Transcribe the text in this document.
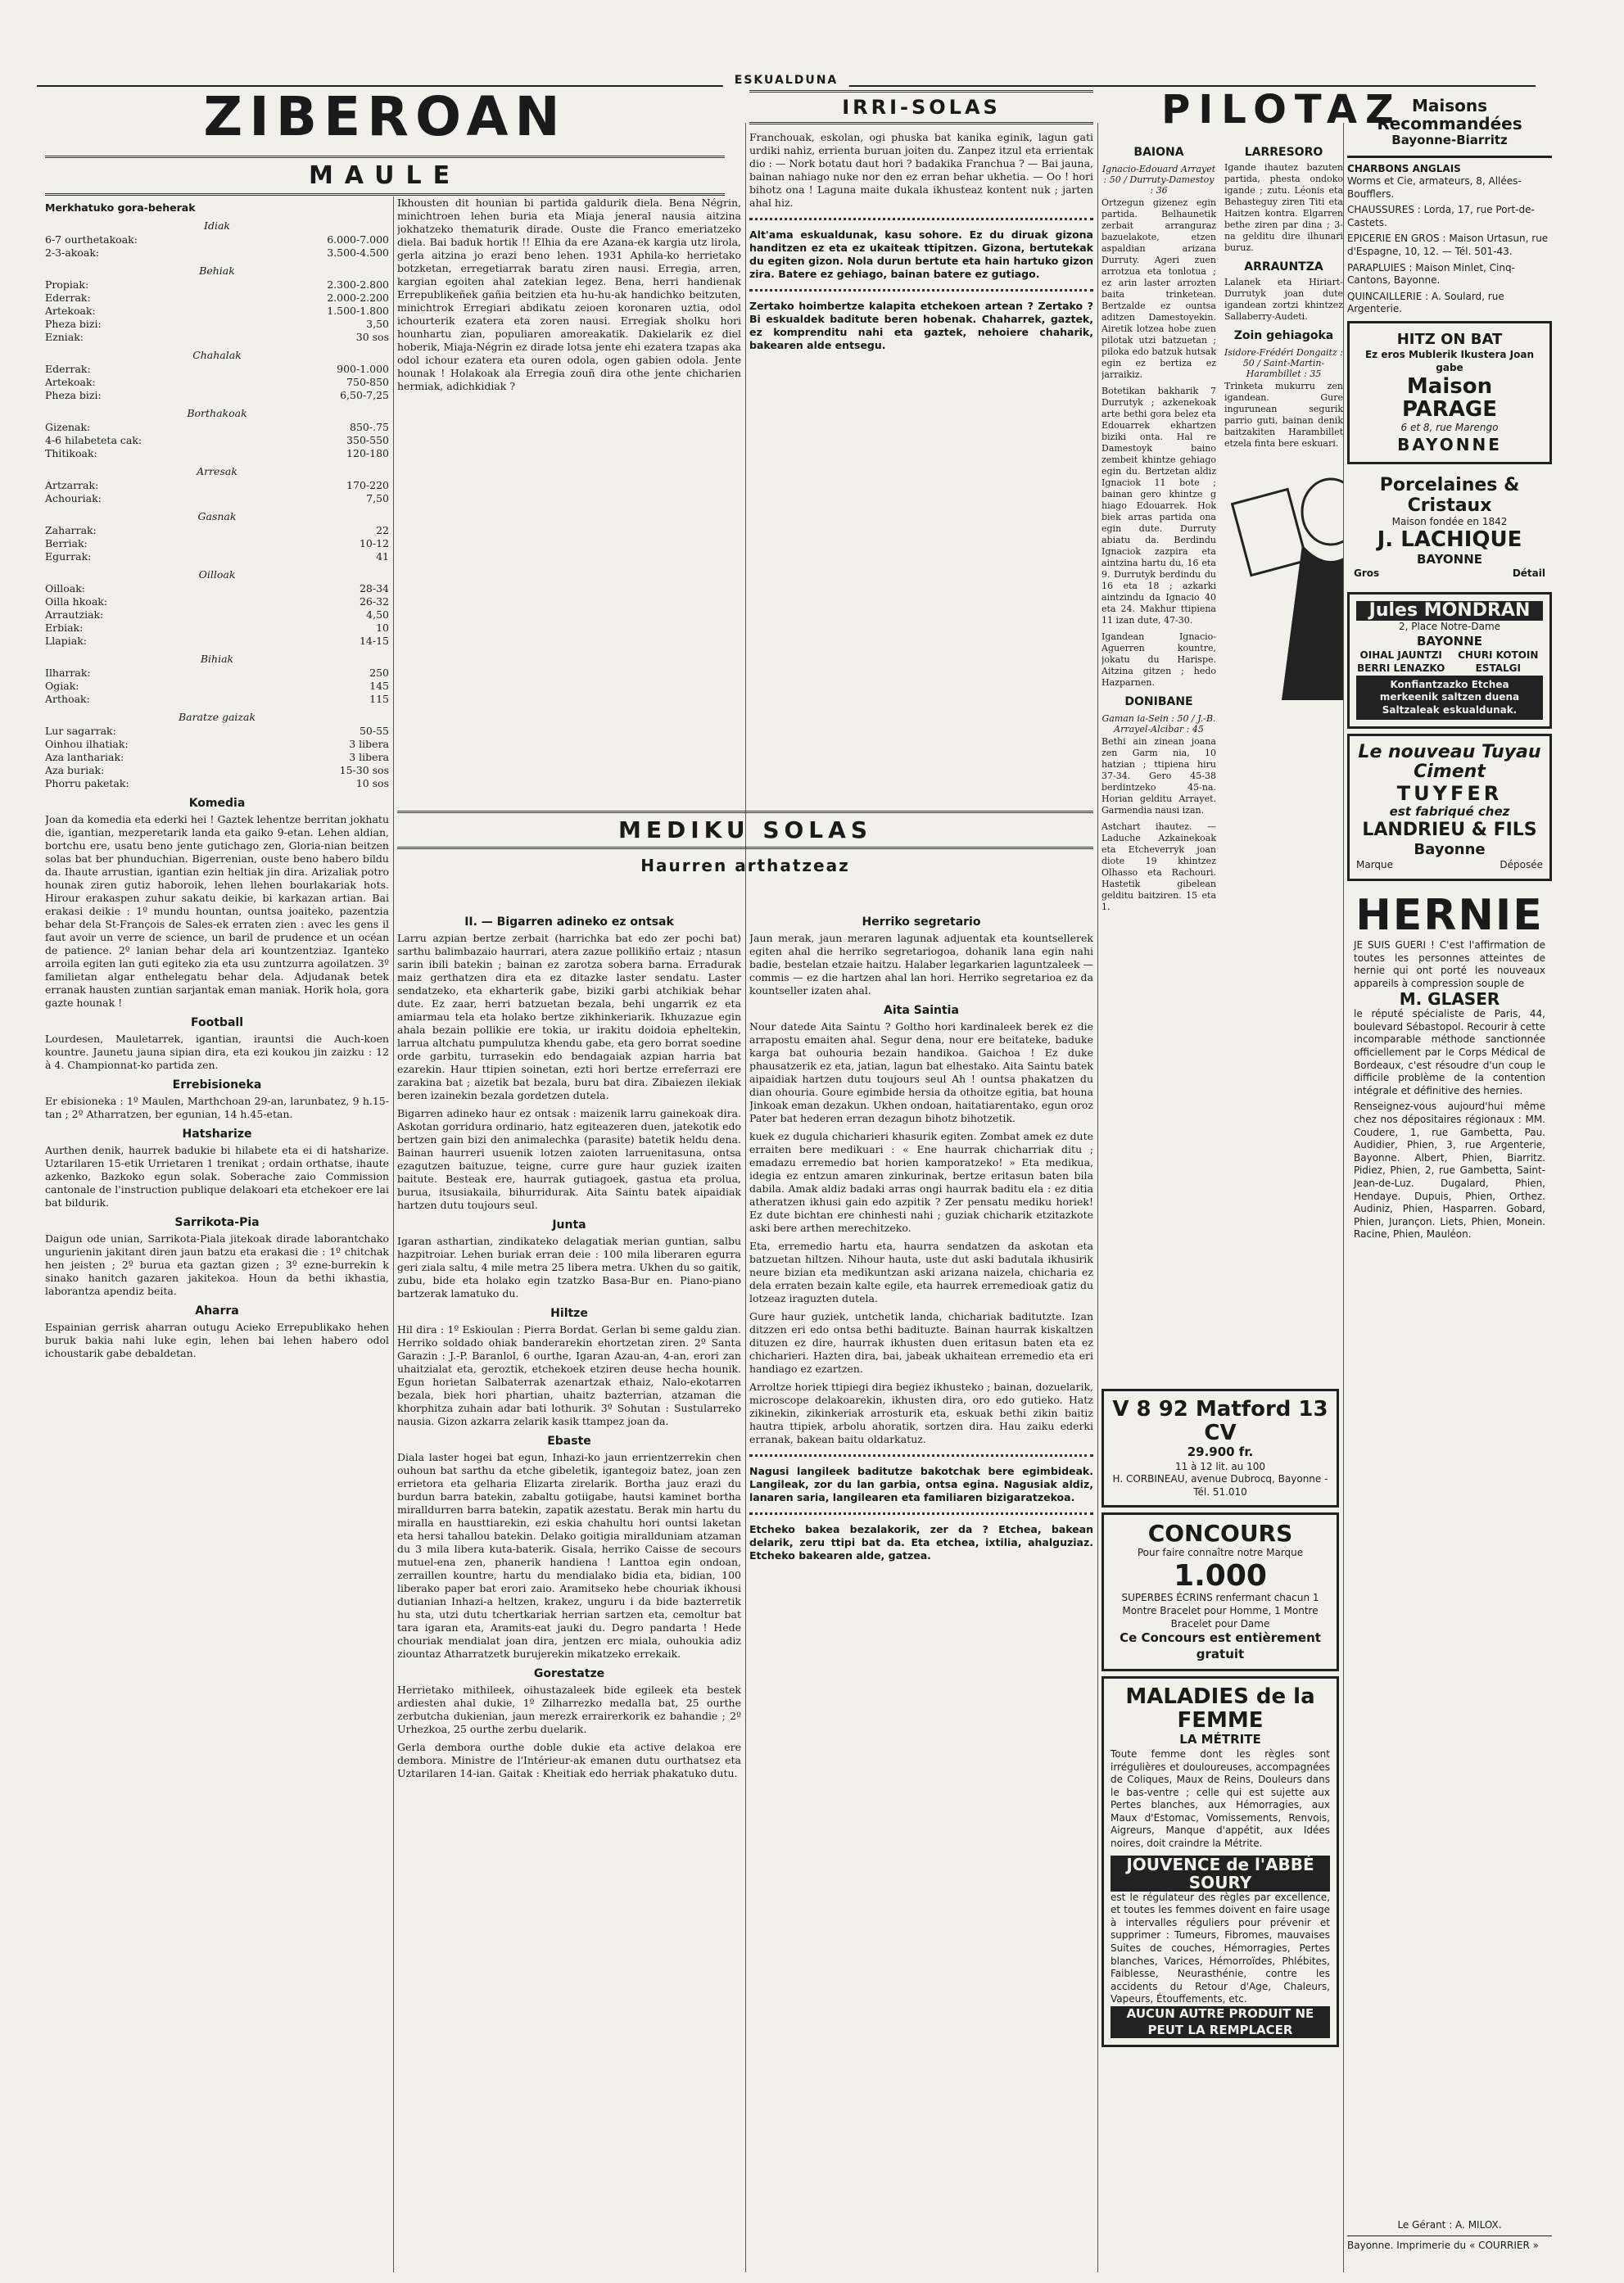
ESKUALDUNA
ZIBEROAN
MAULE
Merkhatuko gora-beherak
Idiak
6-7 ourthetakoak:	6.000-7.000
2-3-akoak:	3.500-4.500
Behiak
Propiak:	2.300-2.800
Ederrak:	2.000-2.200
Artekoak:	1.500-1.800
Pheza bizi:	3,50
Ezniak:	30 sos
Chahalak
Ederrak:	900-1.000
Artekoak:	750-850
Pheza bizi:	6,50-7,25
Borthakoak
Gizenak:	850-.75
4-6 hilabeteta cak:	350-550
Thitikoak:	120-180
Arresak
Artzarrak:	170-220
Achouriak:	7,50
Gasnak
Zaharrak:	22
Berriak:	10-12
Egurrak:	41
Oilloak
Oilloak:	28-34
Oilla hkoak:	26-32
Arrautziak:	4,50
Erbiak:	10
Llapiak:	14-15
Bihiak
Ilharrak:	250
Ogiak:	145
Arthoak:	115
Baratze gaizak
Lur sagarrak:	50-55
Oinhou ilhatiak:	3 libera
Aza lanthariak:	3 libera
Aza buriak:	15-30 sos
Phorru paketak:	10 sos
Komedia

Joan da komedia eta ederki hei ! Gaztek lehentze berritan jokhatu die, igantian, mezperetarik landa eta gaiko 9-etan. Lehen aldian, bortchu ere, usatu beno jente gutichago zen, Gloria-nian beitzen solas bat ber phunduchian. Bigerrenian, ouste beno habero bildu da. Ihaute arrustian, igantian ezin heltiak jin dira. Arizaliak potro hounak ziren gutiz haboroik, lehen llehen bourlakariak hots. Hirour erakaspen zuhur sakatu deikie, bi karkazan artian. Bai erakasi deikie : 1º mundu hountan, ountsa joaiteko, pazentzia behar dela St-François de Sales-ek erraten zien : avec les gens il faut avoir un verre de science, un baril de prudence et un océan de patience. 2º lanian behar dela ari kountzentziaz. Iganteko arroila egiten lan guti egiteko zia eta usu zuntzurra agoilatzen. 3º familietan algar enthelegatu behar dela. Adjudanak betek erranak hausten zuntian sarjantak eman maniak. Horik hola, gora gazte hounak !

Football

Lourdesen, Mauletarrek, igantian, irauntsi die Auch-koen kountre. Jaunetu jauna sipian dira, eta ezi koukou jin zaizku : 12 à 4. Championnat-ko partida zen.

Errebisioneka

Er ebisioneka : 1º Maulen, Marthchoan 29-an, larunbatez, 9 h.15-tan ; 2º Atharratzen, ber egunian, 14 h.45-etan.

Hatsharize

Aurthen denik, haurrek badukie bi hilabete eta ei di hatsharize. Uztarilaren 15-etik Urrietaren 1 trenikat ; ordain orthatse, ihaute azkenko, Bazkoko egun solak. Soberache zaio Commission cantonale de l'instruction publique delakoari eta etchekoer ere lai bat bildurik.

Sarrikota-Pia

Daigun ode unian, Sarrikota-Piala jitekoak dirade laborantchako ungurienin jakitant diren jaun batzu eta erakasi die : 1º chitchak hen jeisten ; 2º burua eta gaztan gizen ; 3º ezne-burrekin k sinako hanitch gazaren jakitekoa. Houn da bethi ikhastia, laborantza apendiz beita.

Aharra

Espainian gerrisk aharran outugu Acieko Errepublikako hehen buruk bakia nahi luke egin, lehen bai lehen habero odol ichoustarik gabe debaldetan.

Ikhousten dit hounian bi partida galdurik diela. Bena Négrin, minichtroen lehen buria eta Miaja jeneral nausia aitzina jokhatzeko thematurik dirade. Ouste die Franco emeriatzeko diela. Bai baduk hortik !! Elhia da ere Azana-ek kargia utz lirola, gerla aitzina jo erazi beno lehen. 1931 Aphila-ko herrietako botzketan, erregetiarrak baratu ziren nausi. Erregia, arren, kargian egoiten ahal zatekian legez. Bena, herri handienak Errepublikeñek gañia beitzien eta hu-hu-ak handichko beitzuten, minichtrok Erregiari abdikatu zeioen koronaren uztia, odol ichourterik ezatera eta zoren nausi. Erregiak sholku hori hounhartu zian, populiaren amoreakatik. Dakielarik ez diel hoberik, Miaja-Négrin ez dirade lotsa jente ehi ezatera tzapas aka odol ichour ezatera eta ouren odola, ogen gabien odola. Jente hounak ! Holakoak ala Erregia zouñ dira othe jente chicharien hermiak, adichkidiak ?

IRRI-SOLAS

Franchouak, eskolan, ogi phuska bat kanika eginik, lagun gati urdiki nahiz, errienta buruan joiten du. Zanpez itzul eta errientak dio : — Nork botatu daut hori ? badakika Franchua ? — Bai jauna, bainan nahiago nuke nor den ez erran behar ukhetia. — Oo ! hori bihotz ona ! Laguna maite dukala ikhusteaz kontent nuk ; jarten ahal hiz.

Alt'ama eskualdunak, kasu sohore. Ez du diruak gizona handitzen ez eta ez ukaiteak ttipitzen. Gizona, bertutekak du egiten gizon. Nola durun bertute eta hain hartuko gizon zira. Batere ez gehiago, bainan batere ez gutiago.
Zertako hoimbertze kalapita etchekoen artean ? Zertako ? Bi eskualdek baditute beren hobenak. Chaharrek, gaztek, ez komprenditu nahi eta gaztek, nehoiere chaharik, bakearen alde entsegu.
MEDIKU SOLAS
Haurren arthatzeaz
II. — Bigarren adineko ez ontsak

Larru azpian bertze zerbait (harrichka bat edo zer pochi bat) sarthu balimbazaio haurrari, atera zazue pollikiño ertaiz ; ntasun sarin ibili batekin ; bainan ez zarotza sobera barna. Erradurak maiz gerthatzen dira eta ez ditazke laster sendatu. Laster sendatzeko, eta ekharterik gabe, biziki garbi atchikiak behar dute. Ez zaar, herri batzuetan bezala, behi ungarrik ez eta amiarmau tela eta holako bertze zikhinkeriarik. Ikhuzazue egin ahala bezain pollikie ere tokia, ur irakitu doidoia epheltekin, larrua altchatu pumpulutza khendu gabe, eta gero borrat soedine orde garbitu, turrasekin edo bendagaiak azpian harria bat ezarekin. Haur ttipien soinetan, ezti hori bertze erreferrazi ere zarakina bat ; aizetik bat bezala, buru bat dira. Zibaiezen ilekiak beren izainekin bezala gordetzen dutela.

Bigarren adineko haur ez ontsak : maizenik larru gainekoak dira. Askotan gorridura ordinario, hatz egiteazeren duen, jatekotik edo bertzen gain bizi den animalechka (parasite) batetik heldu dena. Bainan haurreri usuenik lotzen zaioten larruenitasuna, ontsa ezagutzen baituzue, teigne, curre gure haur guziek izaiten baitute. Besteak ere, haurrak gutiagoek, gastua eta prolua, burua, itsusiakaila, bihurridurak. Aita Saintu batek aipaidiak hartzen dutu toujours seul.

Junta

Igaran asthartian, zindikateko delagatiak merian guntian, salbu hazpitroiar. Lehen buriak erran deie : 100 mila liberaren egurra geri ziala saltu, 4 mile metra 25 libera metra. Ukhen du so gaitik, zubu, bide eta holako egin tzatzko Basa-Bur en. Piano-piano bartzerak lamatuko du.

Hiltze

Hil dira : 1º Eskioulan : Pierra Bordat. Gerlan bi seme galdu zian. Herriko soldado ohiak banderarekin ehortzetan ziren. 2º Santa Garazin : J.-P. Baranlol, 6 ourthe, Igaran Azau-an, 4-an, erori zan uhaitzialat eta, geroztik, etchekoek etziren deuse hecha hounik. Egun horietan Salbaterrak azenartzak ethaiz, Nalo-ekotarren bezala, biek hori phartian, uhaitz bazterrian, atzaman die khorphitza zuhain adar bati lothurik. 3º Sohutan : Sustularreko nausia. Gizon azkarra zelarik kasik ttampez joan da.

Ebaste

Diala laster hogei bat egun, Inhazi-ko jaun errientzerrekin chen ouhoun bat sarthu da etche gibeletik, igantegoiz batez, joan zen errietora eta gelharia Elizarta zirelarik. Bortha jauz erazi du burdun barra batekin, zabaltu gotiigabe, hautsi kaminet bortha miralldurren barra batekin, zapatik azestatu. Berak min hartu du miralla en hausttiarekin, ezi eskia chahultu hori ountsi laketan eta hersi tahallou batekin. Delako goitigia mirallduniam atzaman du 3 mila libera kuta-baterik. Gisala, herriko Caisse de secours mutuel-ena zen, phanerik handiena ! Lanttoa egin ondoan, zerraillen kountre, hartu du mendialako bidia eta, bidian, 100 liberako paper bat erori zaio. Aramitseko hebe chouriak ikhousi dutianian Inhazi-a heltzen, krakez, unguru i da bide bazterretik hu sta, utzi dutu tchertkariak herrian sartzen eta, cemoltur bat tara igaran eta, Aramits-eat jauki du. Degro pandarta ! Hede chouriak mendialat joan dira, jentzen erc miala, ouhoukia adiz ziountaz Atharratzetk burujerekin mikatzeko errekaik.

Gorestatze

Herrietako mithileek, oihustazaleek bide egileek eta bestek ardiesten ahal dukie, 1º Zilharrezko medalla bat, 25 ourthe zerbutcha dukienian, jaun merezk errairerkorik ez bahandie ; 2º Urhezkoa, 25 ourthe zerbu duelarik.

Gerla dembora ourthe doble dukie eta active delakoa ere dembora. Ministre de l'Intérieur-ak emanen dutu ourthatsez eta Uztarilaren 14-ian. Gaitak : Kheitiak edo herriak phakatuko dutu.

Herriko segretario

Jaun merak, jaun meraren lagunak adjuentak eta kountsellerek egiten ahal die herriko segretariogoa, dohanik lana egin nahi badie, bestelan etzaie haitzu. Halaber legarkarien laguntzaleek — commis — ez die hartzen ahal lan hori. Herriko segretarioa ez da kountseller izaten ahal.

Aita Saintia

Nour datede Aita Saintu ? Goltho hori kardinaleek berek ez die arrapostu emaiten ahal. Segur dena, nour ere beitateke, baduke karga bat ouhouria bezain handikoa. Gaichoa ! Ez duke phausatzerik ez eta, jatian, lagun bat elhestako. Aita Saintu batek aipaidiak hartzen dutu toujours seul Ah ! ountsa phakatzen du dian ohouria. Goure egimbide hersia da othoitze egitia, bat houna Jinkoak eman dezakun. Ukhen ondoan, haitatiarentako, egun oroz Pater bat hederen erran dezagun bihotz bihotzetik.

kuek ez dugula chicharieri khasurik egiten. Zombat amek ez dute erraiten bere medikuari : « Ene haurrak chicharriak ditu ; emadazu erremedio bat horien kamporatzeko! » Eta medikua, idegia ez entzun amaren zinkurinak, bertze eritasun baten bila dabila. Amak aldiz badaki arras ongi haurrak baditu ela : ez ditia atheratzen ikhusi gain edo azpitik ? Zer pensatu mediku horiek! Ez dute bichtan ere chinhesti nahi ; guziak chicharik etzitazkote aski bere arthen merechitzeko.

Eta, erremedio hartu eta, haurra sendatzen da askotan eta batzuetan hiltzen. Nihour hauta, uste dut aski badutala ikhusirik neure bizian eta medikuntzan aski arizana naizela, chicharia ez dela erraten bezain kalte egile, eta haurrek erremedioak gatiz du lotzeaz iraguzten dutela.

Gure haur guziek, untchetik landa, chichariak baditutzte. Izan ditzzen eri edo ontsa bethi badituzte. Bainan haurrak kiskaltzen dituzen ez dire, haurrak ikhusten duen eritasun baten eta ez chicharieri. Hazten dira, bai, jabeak ukhaitean erremedio eta eri handiago ez ezartzen.

Arroltze horiek ttipiegi dira begiez ikhusteko ; bainan, dozuelarik, microscope delakoarekin, ikhusten dira, oro edo gutieko. Hatz zikinekin, zikinkeriak arrosturik eta, eskuak bethi zikin baitiz hautra ttipiek, arbolu ahoratik, sortzen dira. Hau zaiku ederki erranak, bakean baitu oldarkatuz.

Nagusi langileek baditutze bakotchak bere egimbideak. Langileak, zor du lan garbia, ontsa egina. Nagusiak aldiz, lanaren saria, langilearen eta familiaren bizigaratzekoa.
Etcheko bakea bezalakorik, zer da ? Etchea, bakean delarik, zeru ttipi bat da. Eta etchea, ixtilia, ahalguziaz. Etcheko bakearen alde, gatzea.
PILOTAZ
BAIONA
Ignacio-Edouard Arrayet : 50 / Durruty-Damestoy : 36

Ortzegun gizenez egin partida. Belhaunetik zerbait arranguraz bazuelakote, etzen aspaldian arizana Durruty. Ageri zuen arrotzua eta tonlotua ; ez arin laster arrozten baita trinketean. Bertzalde ez ountsa aditzen Damestoyekin. Airetik lotzea hobe zuen pilotak utzi batzuetan ; piloka edo batzuk hutsak egin ez bertiza ez jarraikiz.

Botetikan bakharik 7 Durrutyk ; azkenekoak arte bethi gora belez eta Edouarrek ekhartzen biziki onta. Hal re Damestoyk baino zembeit khintze gehiago egin du. Bertzetan aldiz Ignaciok 11 bote ; bainan gero khintze g hiago Edouarrek. Hok biek arras partida ona egin dute. Durruty abiatu da. Berdindu Ignaciok zazpira eta aintzina hartu du, 16 eta 9. Durrutyk berdindu du 16 eta 18 ; azkarki aintzindu da Ignacio 40 eta 24. Makhur ttipiena 11 izan dute, 47-30.

Igandean Ignacio-Aguerren kountre, jokatu du Harispe. Aitzina gitzen ; hedo Hazparnen.

DONIBANE
Gaman ia-Sein : 50 / J.-B. Arrayel-Alcibar : 45

Bethi ain zinean joana zen Garm nia, 10 hatzian ; ttipiena hiru 37-34. Gero 45-38 berdintzeko 45-na. Horian gelditu Arrayet. Garmendia nausi izan.

Astchart ihautez. — Laduche Azkainekoak eta Etcheverryk joan diote 19 khintzez Olhasso eta Rachouri. Hastetik gibelean gelditu baitziren. 15 eta 1.

LARRESORO

Igande ihautez bazuten partida, phesta ondoko igande ; zutu. Léonis eta Behasteguy ziren Titi eta Haitzen kontra. Elgarren bethe ziren par dina ; 3-na gelditu dire ilhunari buruz.

ARRAUNTZA

Lalanek eta Hiriart-Durrutyk joan dute igandean zortzi khintzez Sallaberry-Audeti.

Zoin gehiagoka
Isidore-Frédéri Dongaitz : 50 / Saint-Martin-Harambillet : 35

Trinketa mukurru zen igandean. Gure ingurunean segurik parrio guti, bainan denik baitzakiten Harambillet etzela finta bere eskuari.

V 8 92 Matford 13 CV
29.900 fr.
11 à 12 lit. au 100
H. CORBINEAU, avenue Dubrocq, Bayonne - Tél. 51.010
CONCOURS
Pour faire connaître notre Marque
1.000
SUPERBES ÉCRINS renfermant chacun 1 Montre Bracelet pour Homme, 1 Montre Bracelet pour Dame
Ce Concours est entièrement gratuit
MALADIES de la FEMME
LA MÉTRITE
Toute femme dont les règles sont irrégulières et douloureuses, accompagnées de Coliques, Maux de Reins, Douleurs dans le bas-ventre ; celle qui est sujette aux Pertes blanches, aux Hémorragies, aux Maux d'Estomac, Vomissements, Renvois, Aigreurs, Manque d'appétit, aux Idées noires, doit craindre la Métrite.
JOUVENCE de l'ABBÉ SOURY
est le régulateur des règles par excellence, et toutes les femmes doivent en faire usage à intervalles réguliers pour prévenir et supprimer : Tumeurs, Fibromes, mauvaises Suites de couches, Hémorragies, Pertes blanches, Varices, Hémorroïdes, Phlébites, Faiblesse, Neurasthénie, contre les accidents du Retour d'Age, Chaleurs, Vapeurs, Étouffements, etc.
AUCUN AUTRE PRODUIT NE PEUT LA REMPLACER
Maisons Recommandées
Bayonne-Biarritz
CHARBONS ANGLAIS
Worms et Cie, armateurs, 8, Allées-Boufflers.
CHAUSSURES : Lorda, 17, rue Port-de-Castets.
EPICERIE EN GROS : Maison Urtasun, rue d'Espagne, 10, 12. — Tél. 501-43.
PARAPLUIES : Maison Minlet, Cinq-Cantons, Bayonne.
QUINCAILLERIE : A. Soulard, rue Argenterie.
HITZ ON BAT
Ez eros Mublerik Ikustera Joan gabe
Maison PARAGE
6 et 8, rue Marengo
BAYONNE
Porcelaines & Cristaux
Maison fondée en 1842
J. LACHIQUE
BAYONNE
Gros	Détail
Jules MONDRAN
2, Place Notre-Dame
BAYONNE
OIHAL JAUNTZI BERRI LENAZKO
CHURI KOTOIN ESTALGI
Konfiantzazko Etchea merkeenik saltzen duena Saltzaleak eskualdunak.
Le nouveau Tuyau Ciment
TUYFER
est fabriqué chez
LANDRIEU & FILS
Bayonne
Marque	Déposée
HERNIE
JE SUIS GUERI ! C'est l'affirmation de toutes les personnes atteintes de hernie qui ont porté les nouveaux appareils à compression souple de
M. GLASER
le réputé spécialiste de Paris, 44, boulevard Sébastopol. Recourir à cette incomparable méthode sanctionnée officiellement par le Corps Médical de Bordeaux, c'est résoudre d'un coup le difficile problème de la contention intégrale et définitive des hernies.
Renseignez-vous aujourd'hui même chez nos dépositaires régionaux : MM. Coudere, 1, rue Gambetta, Pau. Audidier, Phien, 3, rue Argenterie, Bayonne. Albert, Phien, Biarritz. Pidiez, Phien, 2, rue Gambetta, Saint-Jean-de-Luz. Dugalard, Phien, Hendaye. Dupuis, Phien, Orthez. Audiniz, Phien, Hasparren. Gobard, Phien, Jurançon. Liets, Phien, Monein. Racine, Phien, Mauléon.
Le Gérant : A. MILOX.
Bayonne. Imprimerie du « COURRIER »
